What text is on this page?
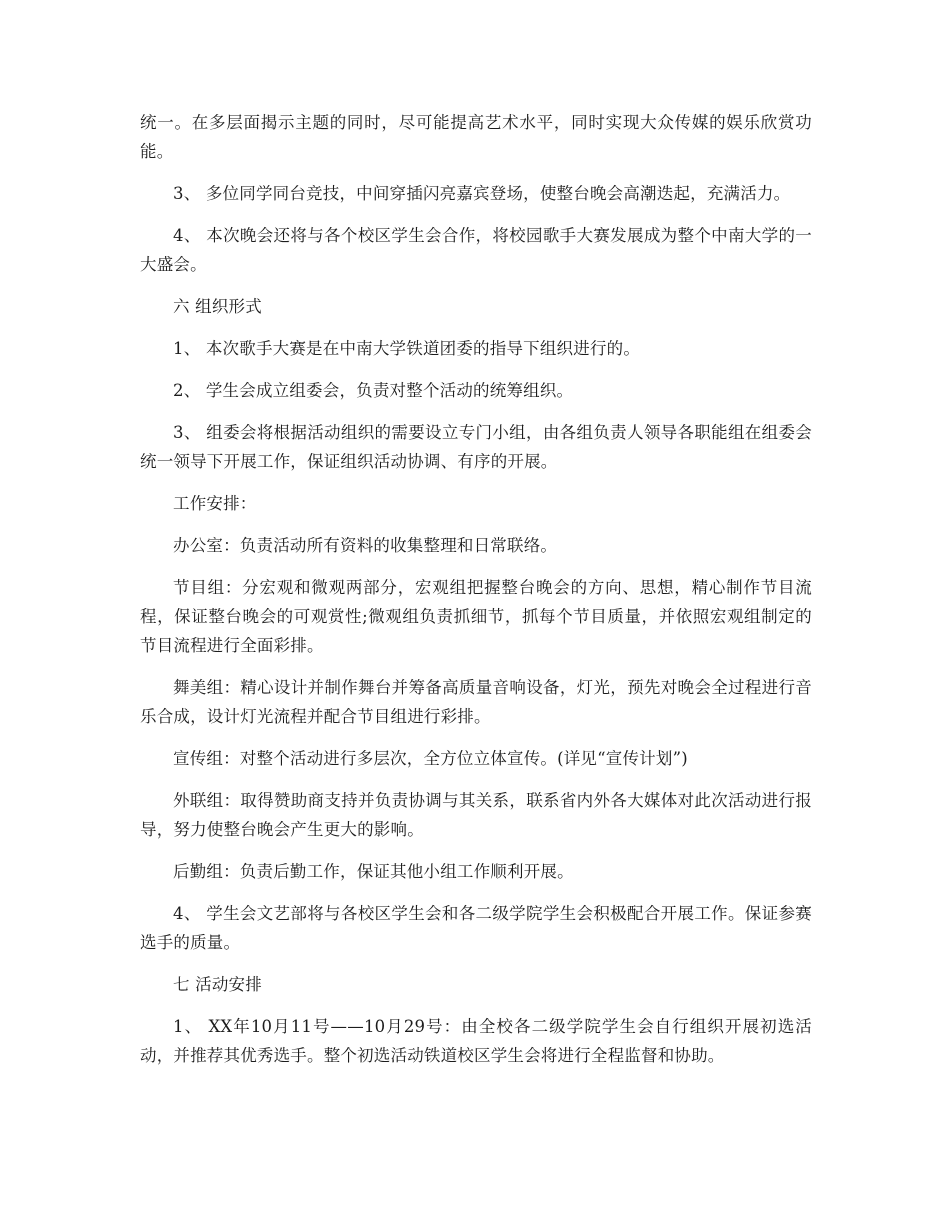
统一。在多层面揭示主题的同时，尽可能提高艺术水平，同时实现大众传媒的娱乐欣赏功能。

3、 多位同学同台竞技，中间穿插闪亮嘉宾登场，使整台晚会高潮迭起，充满活力。

4、 本次晚会还将与各个校区学生会合作，将校园歌手大赛发展成为整个中南大学的一大盛会。

六 组织形式

1、 本次歌手大赛是在中南大学铁道团委的指导下组织进行的。

2、 学生会成立组委会，负责对整个活动的统筹组织。

3、 组委会将根据活动组织的需要设立专门小组，由各组负责人领导各职能组在组委会统一领导下开展工作，保证组织活动协调、有序的开展。

工作安排：

办公室：负责活动所有资料的收集整理和日常联络。

节目组：分宏观和微观两部分，宏观组把握整台晚会的方向、思想，精心制作节目流程，保证整台晚会的可观赏性;微观组负责抓细节，抓每个节目质量，并依照宏观组制定的节目流程进行全面彩排。

舞美组：精心设计并制作舞台并筹备高质量音响设备，灯光，预先对晚会全过程进行音乐合成，设计灯光流程并配合节目组进行彩排。

宣传组：对整个活动进行多层次，全方位立体宣传。(详见“宣传计划”)

外联组：取得赞助商支持并负责协调与其关系，联系省内外各大媒体对此次活动进行报导，努力使整台晚会产生更大的影响。

后勤组：负责后勤工作，保证其他小组工作顺利开展。

4、 学生会文艺部将与各校区学生会和各二级学院学生会积极配合开展工作。保证参赛选手的质量。

七 活动安排

1、 XX年10月11号——10月29号：由全校各二级学院学生会自行组织开展初选活动，并推荐其优秀选手。整个初选活动铁道校区学生会将进行全程监督和协助。
